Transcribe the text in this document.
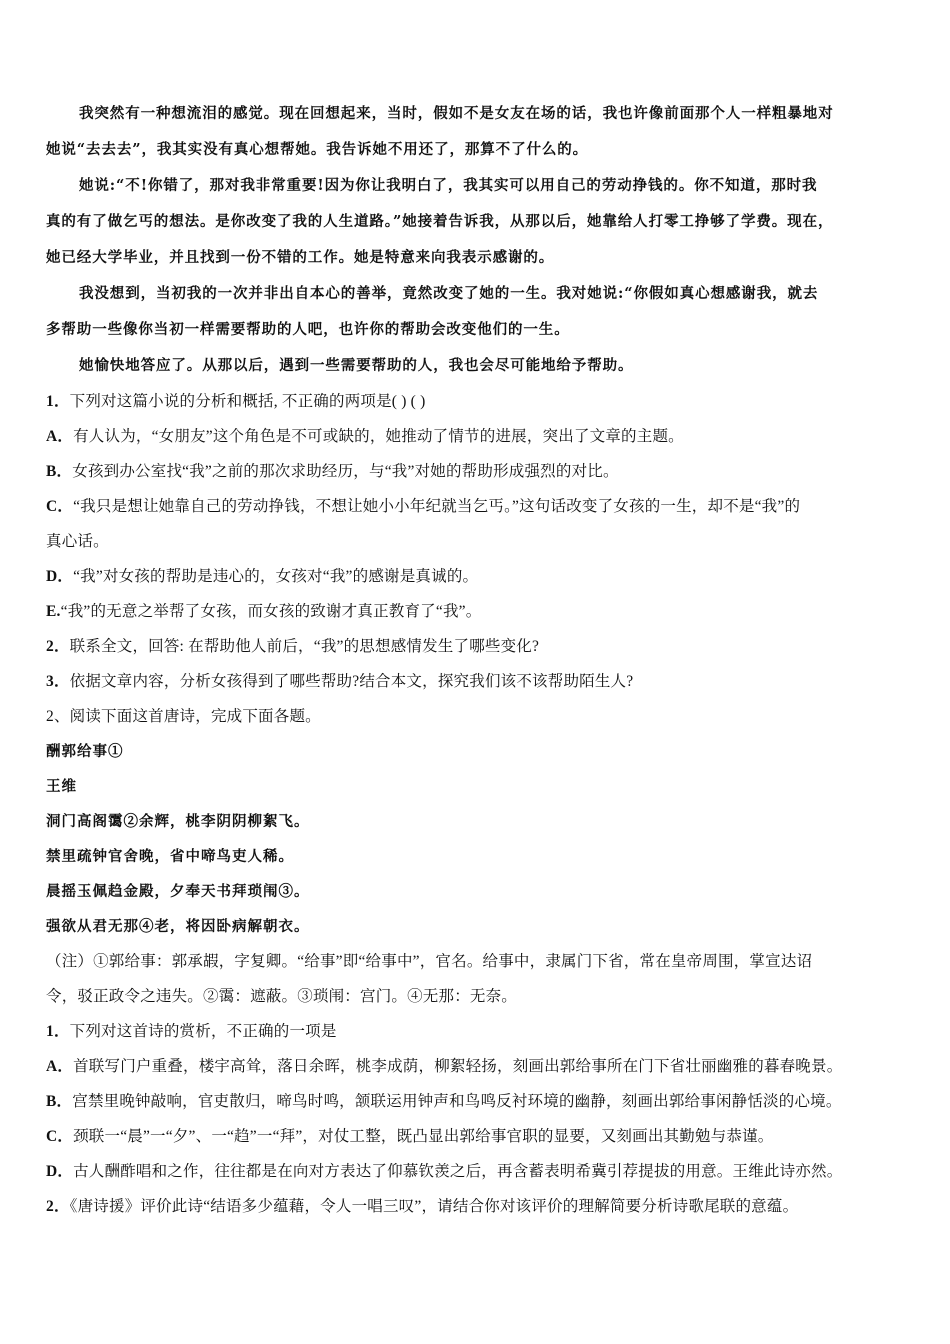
我突然有一种想流泪的感觉。现在回想起来，当时，假如不是女友在场的话，我也许像前面那个人一样粗暴地对
她说“去去去”，我其实没有真心想帮她。我告诉她不用还了，那算不了什么的。
她说:“不!你错了，那对我非常重要!因为你让我明白了，我其实可以用自己的劳动挣钱的。你不知道，那时我
真的有了做乞丐的想法。是你改变了我的人生道路。”她接着告诉我，从那以后，她靠给人打零工挣够了学费。现在，
她已经大学毕业，并且找到一份不错的工作。她是特意来向我表示感谢的。
我没想到，当初我的一次并非出自本心的善举，竟然改变了她的一生。我对她说:“你假如真心想感谢我，就去
多帮助一些像你当初一样需要帮助的人吧，也许你的帮助会改变他们的一生。
她愉快地答应了。从那以后，遇到一些需要帮助的人，我也会尽可能地给予帮助。
1．下列对这篇小说的分析和概括, 不正确的两项是( ) ( )
A．有人认为，“女朋友”这个角色是不可或缺的，她推动了情节的进展，突出了文章的主题。
B．女孩到办公室找“我”之前的那次求助经历，与“我”对她的帮助形成强烈的对比。
C．“我只是想让她靠自己的劳动挣钱，不想让她小小年纪就当乞丐。”这句话改变了女孩的一生，却不是“我”的
真心话。
D．“我”对女孩的帮助是违心的，女孩对“我”的感谢是真诚的。
E.“我”的无意之举帮了女孩，而女孩的致谢才真正教育了“我”。
2．联系全文，回答: 在帮助他人前后，“我”的思想感情发生了哪些变化?
3．依据文章内容，分析女孩得到了哪些帮助?结合本文，探究我们该不该帮助陌生人?
2、阅读下面这首唐诗，完成下面各题。
酬郭给事①
王维
洞门高阁霭②余辉，桃李阴阴柳絮飞。
禁里疏钟官舍晚，省中啼鸟吏人稀。
晨摇玉佩趋金殿，夕奉天书拜琐闱③。
强欲从君无那④老，将因卧病解朝衣。
（注）①郭给事：郭承嘏，字复卿。“给事”即“给事中”，官名。给事中，隶属门下省，常在皇帝周围，掌宣达诏
令，驳正政令之违失。②霭：遮蔽。③琐闱：宫门。④无那：无奈。
1．下列对这首诗的赏析，不正确的一项是
A．首联写门户重叠，楼宇高耸，落日余晖，桃李成荫，柳絮轻扬，刻画出郭给事所在门下省壮丽幽雅的暮春晚景。
B．宫禁里晚钟敲响，官吏散归，啼鸟时鸣，颔联运用钟声和鸟鸣反衬环境的幽静，刻画出郭给事闲静恬淡的心境。
C．颈联一“晨”一“夕”、一“趋”一“拜”，对仗工整，既凸显出郭给事官职的显要，又刻画出其勤勉与恭谨。
D．古人酬酢唱和之作，往往都是在向对方表达了仰慕钦羡之后，再含蓄表明希冀引荐提拔的用意。王维此诗亦然。
2．《唐诗援》评价此诗“结语多少蕴藉，令人一唱三叹”，请结合你对该评价的理解简要分析诗歌尾联的意蕴。
